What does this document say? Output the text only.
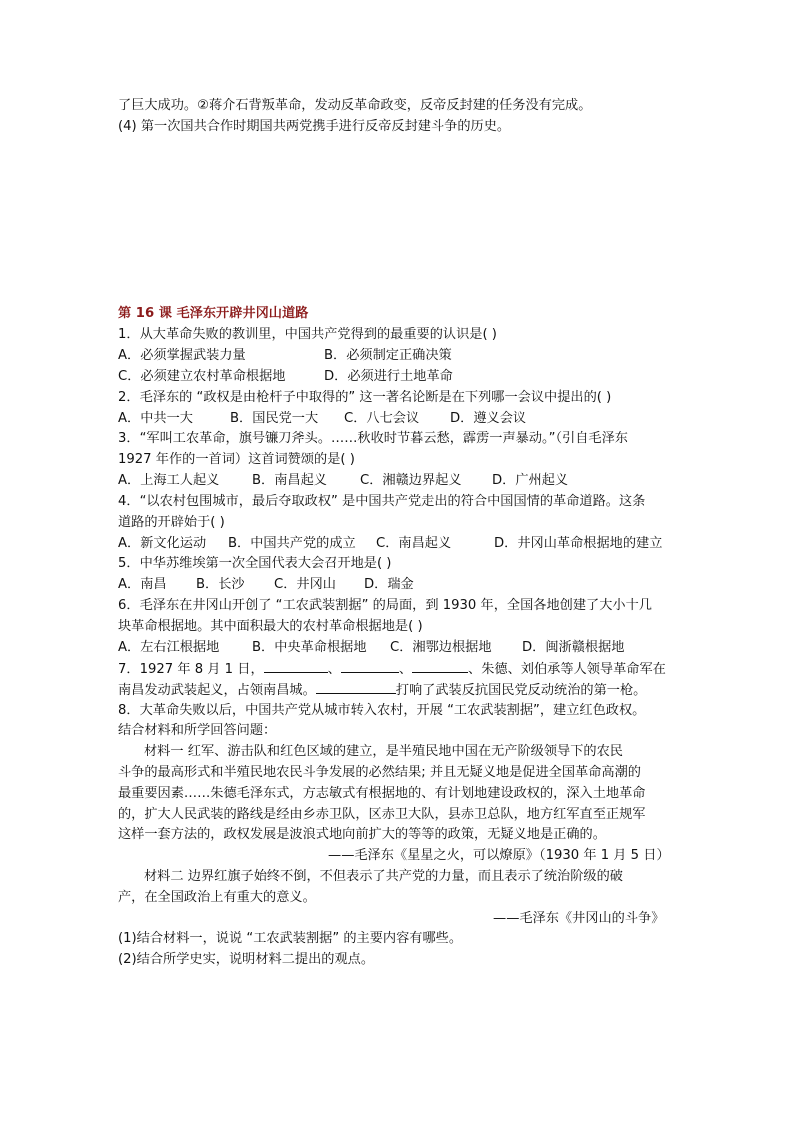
了巨大成功。②蒋介石背叛革命，发动反革命政变，反帝反封建的任务没有完成。
(4) 第一次国共合作时期国共两党携手进行反帝反封建斗争的历史。
第 16 课 毛泽东开辟井冈山道路
1．从大革命失败的教训里，中国共产党得到的最重要的认识是( )
A．必须掌握武装力量	B．必须制定正确决策
C．必须建立农村革命根据地	D．必须进行土地革命
2．毛泽东的 “政权是由枪杆子中取得的” 这一著名论断是在下列哪一会议中提出的( )
A．中共一大	B．国民党一大 C．八七会议 D．遵义会议
3．“军叫工农革命，旗号镰刀斧头。……秋收时节暮云愁，霹雳一声暴动。”（引自毛泽东
1927 年作的一首词）这首词赞颂的是( )
A．上海工人起义 B．南昌起义	C．湘赣边界起义 D．广州起义
4．“以农村包围城市，最后夺取政权” 是中国共产党走出的符合中国国情的革命道路。这条
道路的开辟始于( )
A．新文化运动 B．中国共产党的成立 C．南昌起义	D．井冈山革命根据地的建立
5．中华苏维埃第一次全国代表大会召开地是( )
A．南昌 B．长沙 C．井冈山 D．瑞金
6．毛泽东在井冈山开创了 “工农武装割据” 的局面，到 1930 年，全国各地创建了大小十几
块革命根据地。其中面积最大的农村革命根据地是( )
A．左右江根据地 B．中央革命根据地 C．湘鄂边根据地 D．闽浙赣根据地
7．1927 年 8 月 1 日，	、	、	、朱德、刘伯承等人领导革命军在
南昌发动武装起义，占领南昌城。	打响了武装反抗国民党反动统治的第一枪。
8．大革命失败以后，中国共产党从城市转入农村，开展 “工农武装割据”，建立红色政权。
结合材料和所学回答问题：
材料一 红军、游击队和红色区域的建立，是半殖民地中国在无产阶级领导下的农民
斗争的最高形式和半殖民地农民斗争发展的必然结果; 并且无疑义地是促进全国革命高潮的
最重要因素……朱德毛泽东式，方志敏式有根据地的、有计划地建设政权的，深入土地革命
的，扩大人民武装的路线是经由乡赤卫队，区赤卫大队，县赤卫总队，地方红军直至正规军
这样一套方法的，政权发展是波浪式地向前扩大的等等的政策，无疑义地是正确的。
——毛泽东《星星之火，可以燎原》（1930 年 1 月 5 日）
材料二 边界红旗子始终不倒，不但表示了共产党的力量，而且表示了统治阶级的破
产，在全国政治上有重大的意义。
——毛泽东《井冈山的斗争》
(1)结合材料一，说说 “工农武装割据” 的主要内容有哪些。
(2)结合所学史实，说明材料二提出的观点。
